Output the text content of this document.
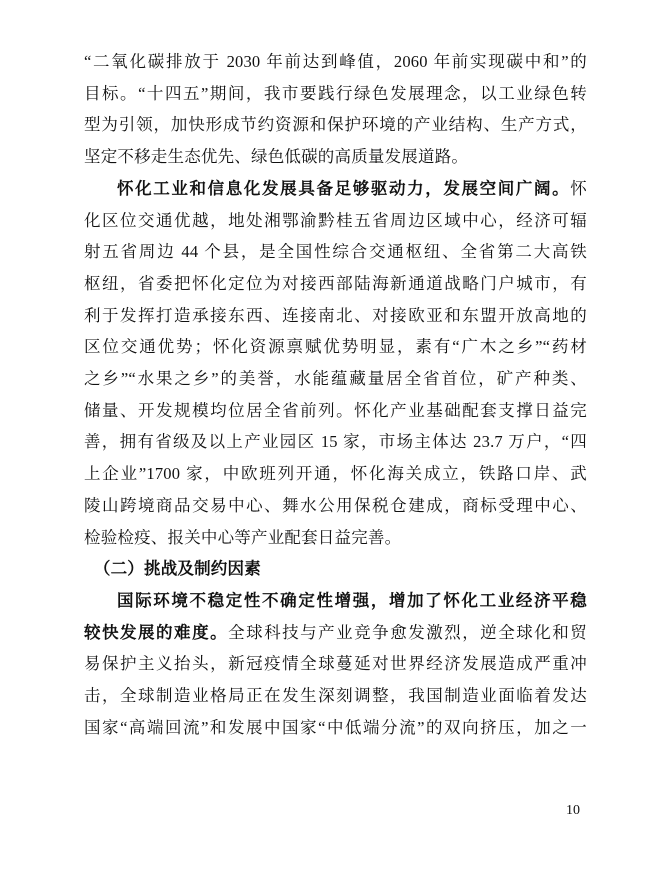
“二氧化碳排放于 2030 年前达到峰值，2060 年前实现碳中和”的
目标。“十四五”期间，我市要践行绿色发展理念，以工业绿色转
型为引领，加快形成节约资源和保护环境的产业结构、生产方式，
坚定不移走生态优先、绿色低碳的高质量发展道路。
怀化工业和信息化发展具备足够驱动力，发展空间广阔。怀
化区位交通优越，地处湘鄂渝黔桂五省周边区域中心，经济可辐
射五省周边 44 个县，是全国性综合交通枢纽、全省第二大高铁
枢纽，省委把怀化定位为对接西部陆海新通道战略门户城市，有
利于发挥打造承接东西、连接南北、对接欧亚和东盟开放高地的
区位交通优势；怀化资源禀赋优势明显，素有“广木之乡”“药材
之乡”“水果之乡”的美誉，水能蕴藏量居全省首位，矿产种类、
储量、开发规模均位居全省前列。怀化产业基础配套支撑日益完
善，拥有省级及以上产业园区 15 家，市场主体达 23.7 万户，“四
上企业”1700 家，中欧班列开通，怀化海关成立，铁路口岸、武
陵山跨境商品交易中心、舞水公用保税仓建成，商标受理中心、
检验检疫、报关中心等产业配套日益完善。
（二）挑战及制约因素
国际环境不稳定性不确定性增强，增加了怀化工业经济平稳
较快发展的难度。全球科技与产业竞争愈发激烈，逆全球化和贸
易保护主义抬头，新冠疫情全球蔓延对世界经济发展造成严重冲
击，全球制造业格局正在发生深刻调整，我国制造业面临着发达
国家“高端回流”和发展中国家“中低端分流”的双向挤压，加之一
10
